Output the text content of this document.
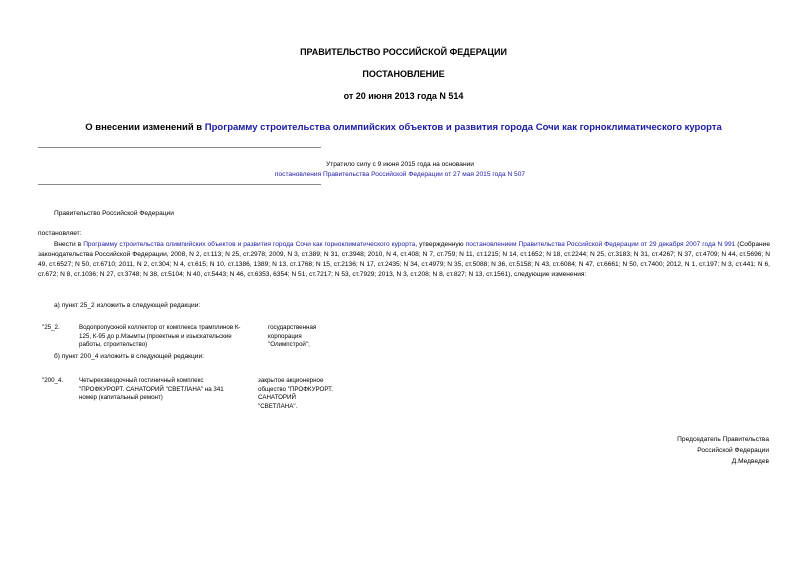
ПРАВИТЕЛЬСТВО РОССИЙСКОЙ ФЕДЕРАЦИИ
ПОСТАНОВЛЕНИЕ
от 20 июня 2013 года N 514
О внесении изменений в Программу строительства олимпийских объектов и развития города Сочи как горноклиматического курорта
Утратило силу с 9 июня 2015 года на основании
постановления Правительства Российской Федерации от 27 мая 2015 года N 507
Правительство Российской Федерации
постановляет:

Внести в Программу строительства олимпийских объектов и развития города Сочи как горноклиматического курорта, утвержденную постановлением Правительства Российской Федерации от 29 декабря 2007 года N 991 (Собрание законодательства Российской Федерации, 2008, N 2, ст.113; N 25, ст.2978; 2009, N 3, ст.389; N 31, ст.3948; 2010, N 4, ст.408; N 7, ст.759; N 11, ст.1215; N 14, ст.1652; N 18, ст.2244; N 25, ст.3183; N 31, ст.4267; N 37, ст.4709; N 44, ст.5696; N 49, ст.6527; N 50, ст.6710; 2011, N 2, ст.304; N 4, ст.615; N 10, ст.1386, 1389; N 13, ст.1768; N 15, ст.2136; N 17, ст.2435; N 34, ст.4979; N 35, ст.5088; N 36, ст.5158; N 43, ст.6084; N 47, ст.6661; N 50, ст.7400; 2012, N 1, ст.197; N 3, ст.441; N 6, ст.672; N 8, ст.1036; N 27, ст.3748; N 38, ст.5104; N 40, ст.5443; N 46, ст.6353, 6354; N 51, ст.7217; N 53, ст.7929; 2013, N 3, ст.208; N 8, ст.827; N 13, ст.1561), следующие изменения:

а) пункт 25_2 изложить в следующей редакции:
"25_2.	Водопропускной коллектор от комплекса трамплинов К-
125, К-95 до р.Мзымты (проектные и изыскательские
работы, строительство)
государственная
корпорация
"Олимпстрой";
б) пункт 200_4 изложить в следующей редакции:
"200_4.	Четырехзвездочный гостиничный комплекс
"ПРОФКУРОРТ. САНАТОРИЙ "СВЕТЛАНА" на 341
номер (капитальный ремонт)
закрытое акционерное
общество "ПРОФКУРОРТ.
САНАТОРИЙ
"СВЕТЛАНА".
Председатель Правительства
Российской Федерации
Д.Медведев
